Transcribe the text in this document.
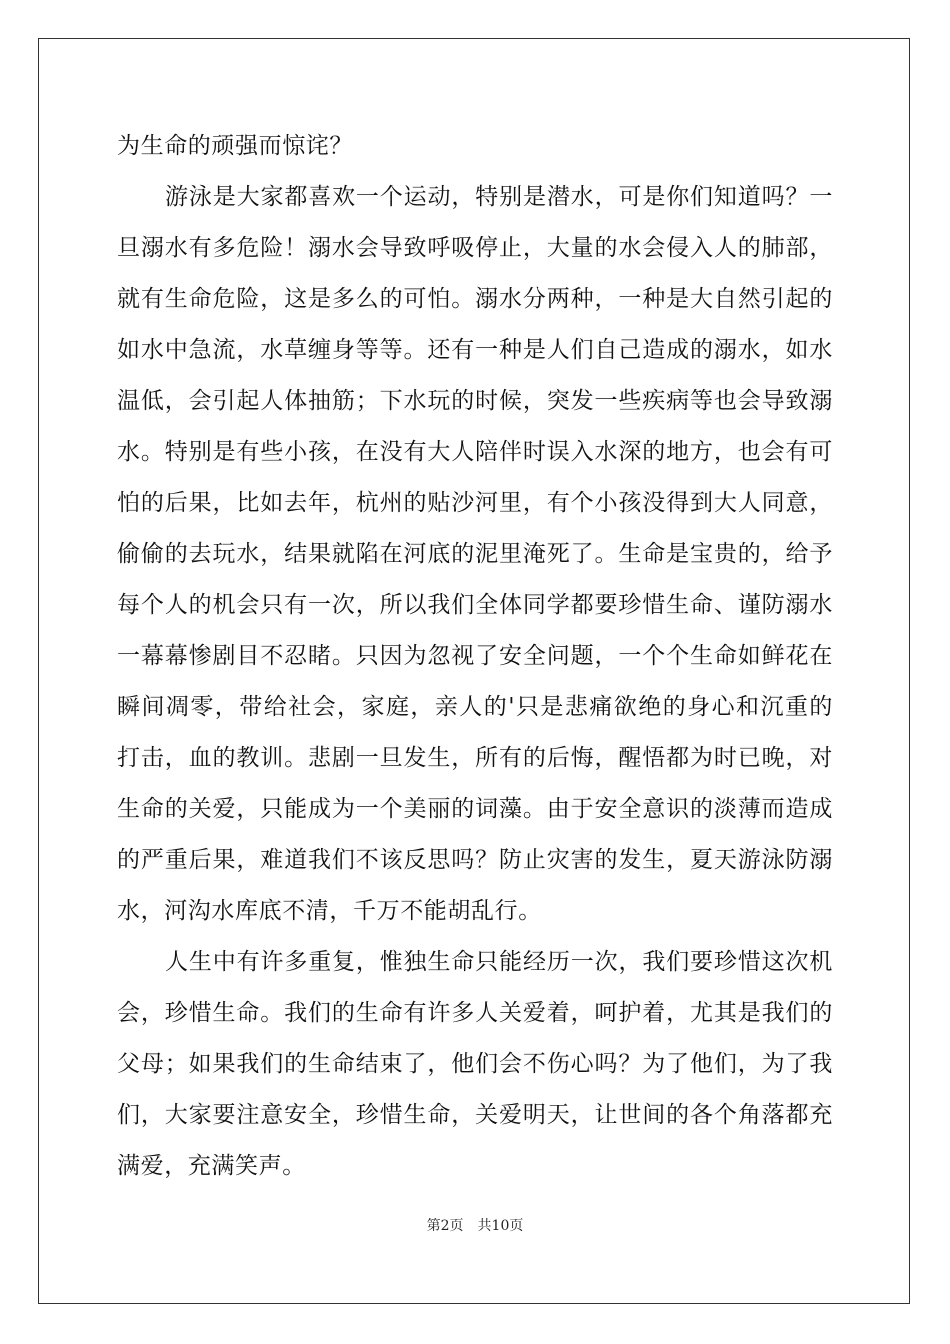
为生命的顽强而惊诧？
游泳是大家都喜欢一个运动，特别是潜水，可是你们知道吗？一
旦溺水有多危险！溺水会导致呼吸停止，大量的水会侵入人的肺部，
就有生命危险，这是多么的可怕。溺水分两种，一种是大自然引起的
如水中急流，水草缠身等等。还有一种是人们自己造成的溺水，如水
温低，会引起人体抽筋；下水玩的时候，突发一些疾病等也会导致溺
水。特别是有些小孩，在没有大人陪伴时误入水深的地方，也会有可
怕的后果，比如去年，杭州的贴沙河里，有个小孩没得到大人同意，
偷偷的去玩水，结果就陷在河底的泥里淹死了。生命是宝贵的，给予
每个人的机会只有一次，所以我们全体同学都要珍惜生命、谨防溺水
一幕幕惨剧目不忍睹。只因为忽视了安全问题，一个个生命如鲜花在
瞬间凋零，带给社会，家庭，亲人的'只是悲痛欲绝的身心和沉重的
打击，血的教训。悲剧一旦发生，所有的后悔，醒悟都为时已晚，对
生命的关爱，只能成为一个美丽的词藻。由于安全意识的淡薄而造成
的严重后果，难道我们不该反思吗？防止灾害的发生，夏天游泳防溺
水，河沟水库底不清，千万不能胡乱行。
人生中有许多重复，惟独生命只能经历一次，我们要珍惜这次机
会，珍惜生命。我们的生命有许多人关爱着，呵护着，尤其是我们的
父母；如果我们的生命结束了，他们会不伤心吗？为了他们，为了我
们，大家要注意安全，珍惜生命，关爱明天，让世间的各个角落都充
满爱，充满笑声。
第2页 共10页
